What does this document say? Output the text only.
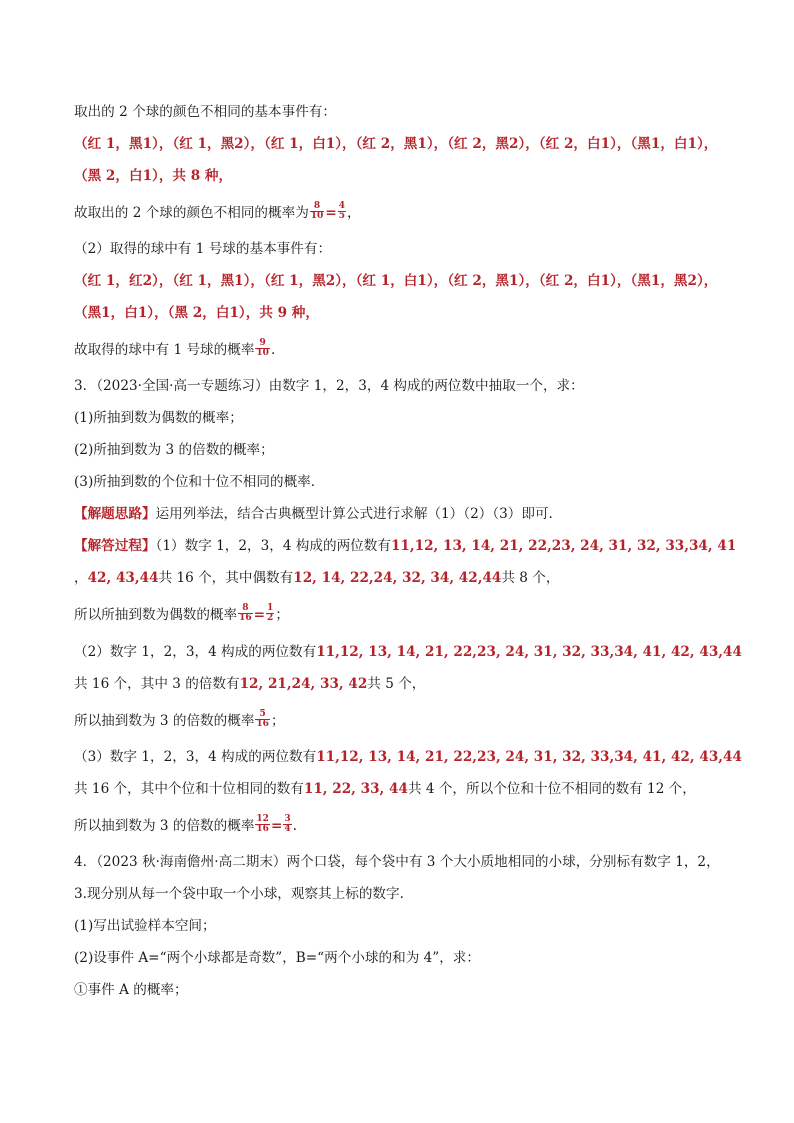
取出的 2 个球的颜色不相同的基本事件有：
（红 1，黑1），（红 1，黑2），（红 1，白1），（红 2，黑1），（红 2，黑2），（红 2，白1），（黑1，白1），
（黑 2，白1），共 8 种，
故取出的 2 个球的颜色不相同的概率为 $\frac{8}{10} = \frac{4}{5}$ ，
（2）取得的球中有 1 号球的基本事件有：
（红 1，红2），（红 1，黑1），（红 1，黑2），（红 1，白1），（红 2，黑1），（红 2，白1），（黑1，黑2），
（黑1，白1），（黑 2，白1），共 9 种，
故取得的球中有 1 号球的概率 $\frac{9}{10}$ .
3．（2023·全国·高一专题练习）由数字 1，2，3，4 构成的两位数中抽取一个，求：
(1)所抽到数为偶数的概率；
(2)所抽到数为 3 的倍数的概率；
(3)所抽到数的个位和十位不相同的概率．
【解题思路】运用列举法，结合古典概型计算公式进行求解（1）（2）（3）即可.
【解答过程】（1）数字 1，2，3，4 构成的两位数有11,12, 13, 14, 21, 22,23, 24, 31, 32, 33,34, 41
，42, 43,44共 16 个，其中偶数有12, 14, 22,24, 32, 34, 42,44共 8 个，
所以所抽到数为偶数的概率 $\frac{8}{16} = \frac{1}{2}$ ；
（2）数字 1，2，3，4 构成的两位数有11,12, 13, 14, 21, 22,23, 24, 31, 32, 33,34, 41, 42, 43,44
共 16 个，其中 3 的倍数有12, 21,24, 33, 42共 5 个，
所以抽到数为 3 的倍数的概率 $\frac{5}{16}$ ；
（3）数字 1，2，3，4 构成的两位数有11,12, 13, 14, 21, 22,23, 24, 31, 32, 33,34, 41, 42, 43,44
共 16 个，其中个位和十位相同的数有11, 22, 33, 44共 4 个，所以个位和十位不相同的数有 12 个，
所以抽到数为 3 的倍数的概率 $\frac{12}{16} = \frac{3}{4}$ .
4．（2023 秋·海南儋州·高二期末）两个口袋，每个袋中有 3 个大小质地相同的小球，分别标有数字 1，2，
3.现分别从每一个袋中取一个小球，观察其上标的数字.
(1)写出试验样本空间；
(2)设事件 A=“两个小球都是奇数”，B=“两个小球的和为 4”，求：
①事件 A 的概率；
